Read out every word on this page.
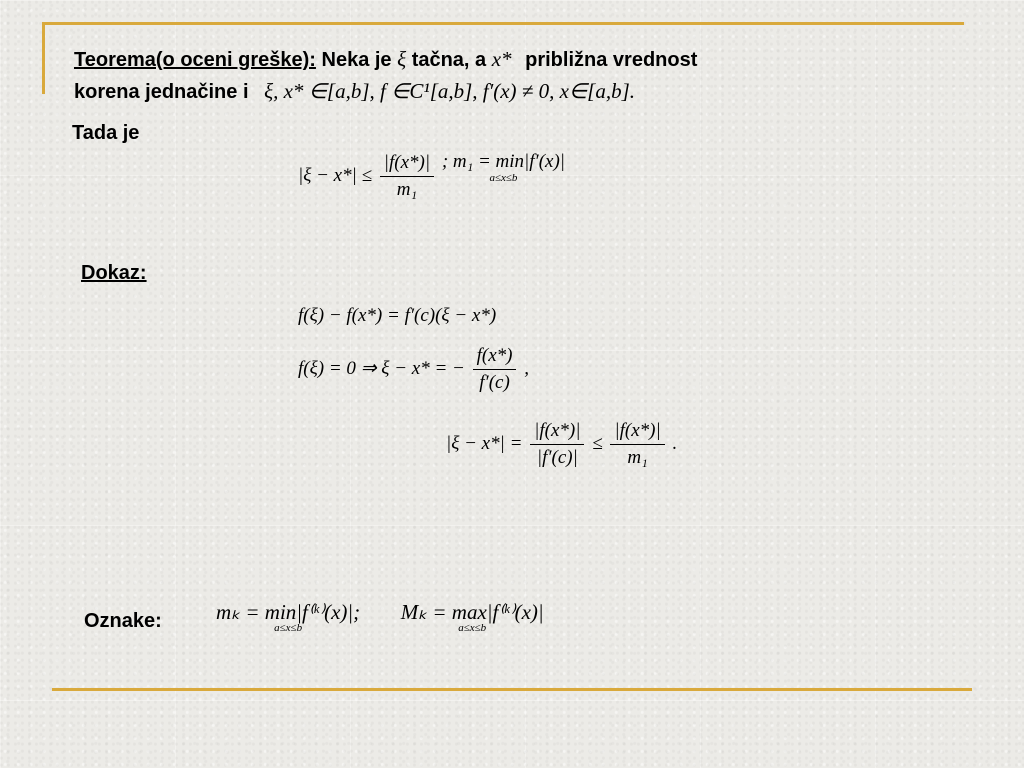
Teorema(o oceni greške): Neka je ξ tačna, a x* približna vrednost
korena jednačine i ξ, x* ∈[a,b], f ∈C¹[a,b], f′(x) ≠ 0, x∈[a,b].
Tada je
$|\xi - x*| \le \frac{|f(x*)|}{\text{m₁}}$ ; m₁ = min|f′(x)|
a≤x≤b
Dokaz:
f(ξ) − f(x*) = f′(c)(ξ − x*)
f(ξ) = 0 ⇒ ξ − x* = − $\frac{f(x*)}{f'(c)}$ ,
$|\xi - x*| = \frac{|f(x*)|}{|f'(c)|} \le \frac{|f(x*)|}{\text{m₁}}$ .
Oznake:	mₖ = min|f⁽ᵏ⁾(x)|;
a≤x≤b
Mₖ = max|f⁽ᵏ⁾(x)|
a≤x≤b
